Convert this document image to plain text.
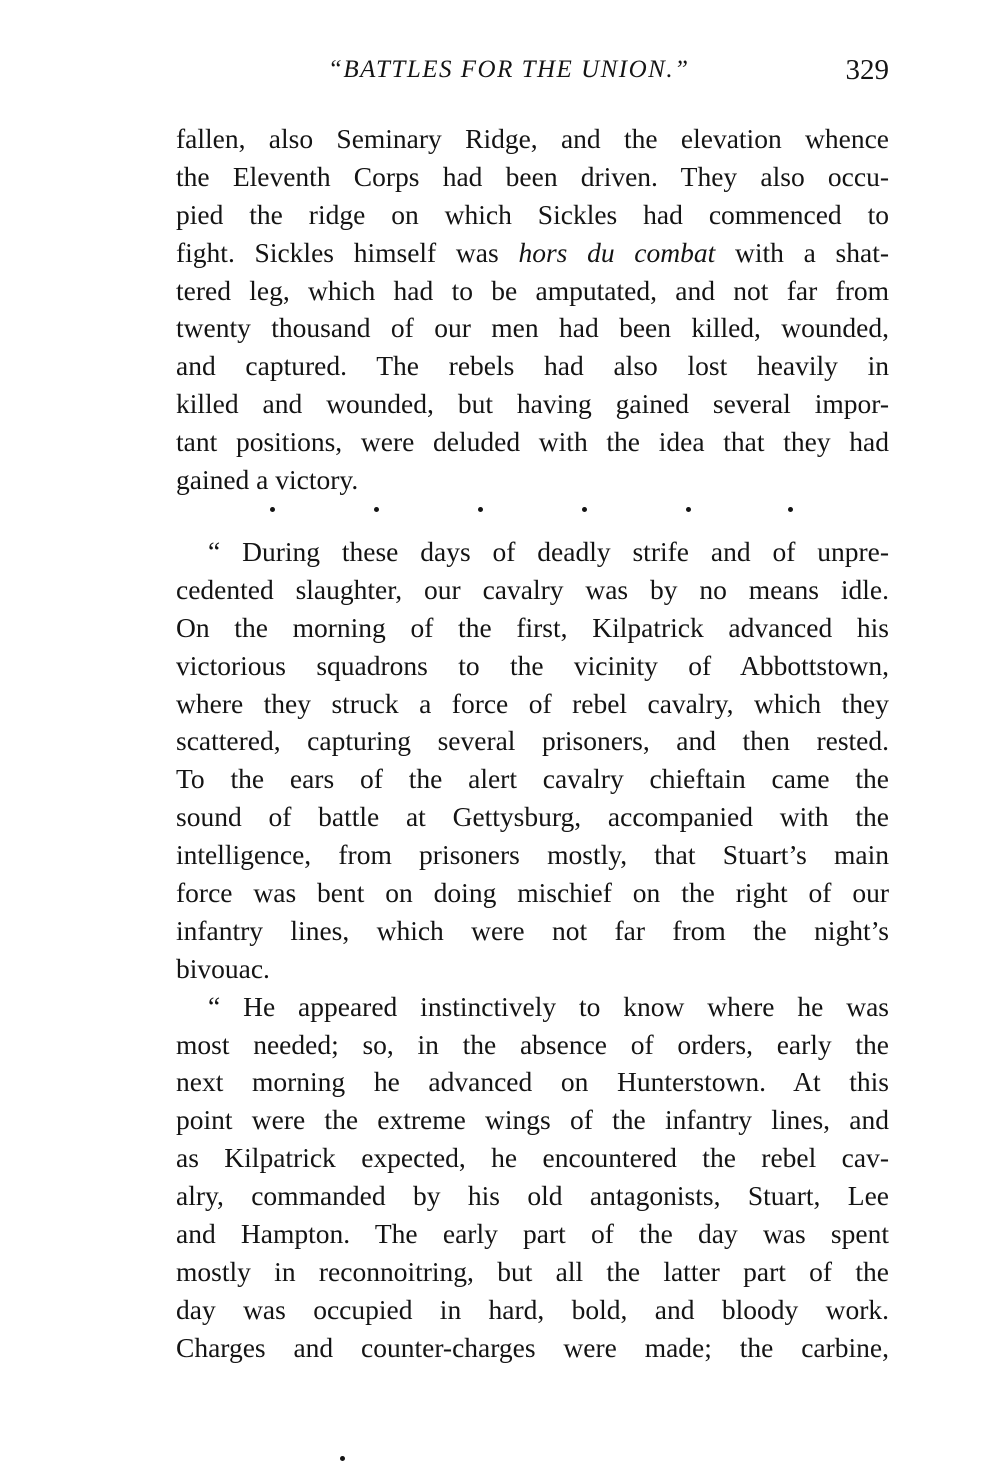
“BATTLES FOR THE UNION.”	329
fallen, also Seminary Ridge, and the elevation whence
the Eleventh Corps had been driven. They also occu-
pied the ridge on which Sickles had commenced to
fight. Sickles himself was hors du combat with a shat-
tered leg, which had to be amputated, and not far from
twenty thousand of our men had been killed, wounded,
and captured. The rebels had also lost heavily in
killed and wounded, but having gained several impor-
tant positions, were deluded with the idea that they had
gained a victory.
“ During these days of deadly strife and of unpre-
cedented slaughter, our cavalry was by no means idle.
On the morning of the first, Kilpatrick advanced his
victorious squadrons to the vicinity of Abbottstown,
where they struck a force of rebel cavalry, which they
scattered, capturing several prisoners, and then rested.
To the ears of the alert cavalry chieftain came the
sound of battle at Gettysburg, accompanied with the
intelligence, from prisoners mostly, that Stuart’s main
force was bent on doing mischief on the right of our
infantry lines, which were not far from the night’s
bivouac.
“ He appeared instinctively to know where he was
most needed; so, in the absence of orders, early the
next morning he advanced on Hunterstown. At this
point were the extreme wings of the infantry lines, and
as Kilpatrick expected, he encountered the rebel cav-
alry, commanded by his old antagonists, Stuart, Lee
and Hampton. The early part of the day was spent
mostly in reconnoitring, but all the latter part of the
day was occupied in hard, bold, and bloody work.
Charges and counter-charges were made; the carbine,
